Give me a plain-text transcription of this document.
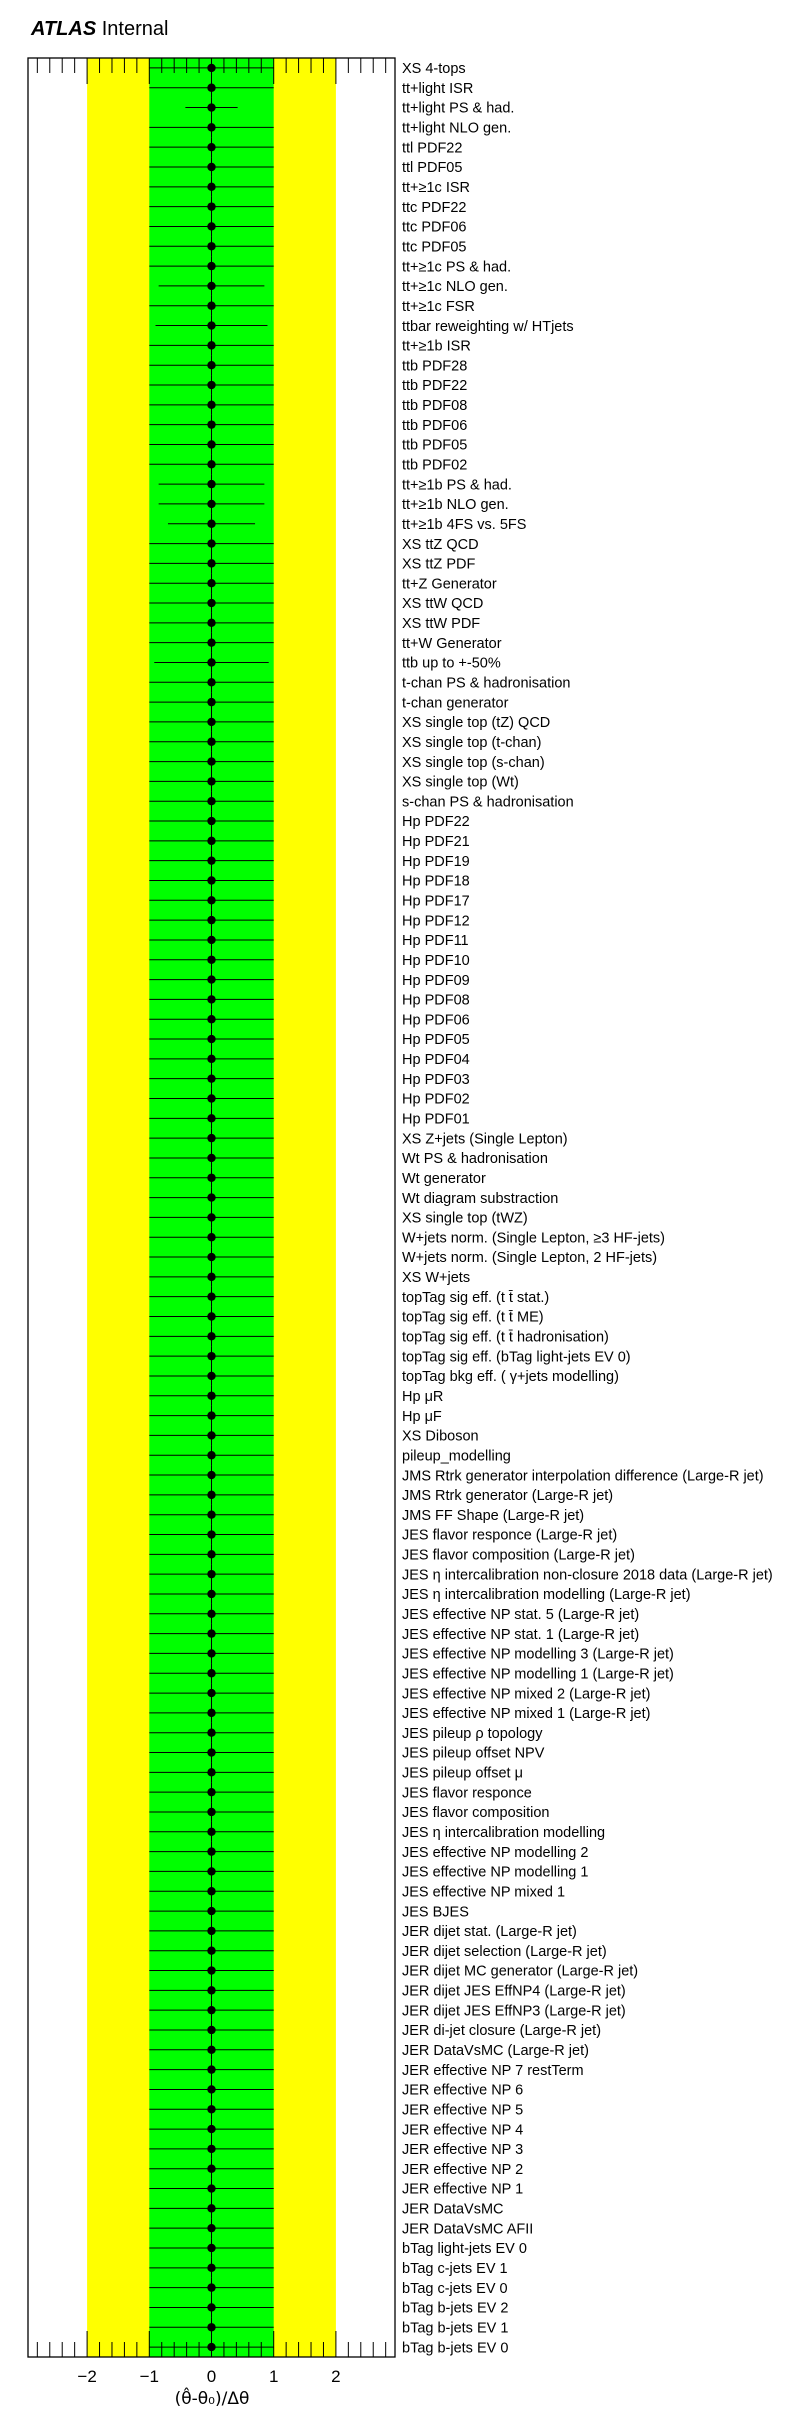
ATLAS Internal
XS 4-tops
tt+light ISR
tt+light PS & had.
tt+light NLO gen.
ttl PDF22
ttl PDF05
tt+≥1c ISR
ttc PDF22
ttc PDF06
ttc PDF05
tt+≥1c PS & had.
tt+≥1c NLO gen.
tt+≥1c FSR
ttbar reweighting w/ HTjets
tt+≥1b ISR
ttb PDF28
ttb PDF22
ttb PDF08
ttb PDF06
ttb PDF05
ttb PDF02
tt+≥1b PS & had.
tt+≥1b NLO gen.
tt+≥1b 4FS vs. 5FS
XS ttZ QCD
XS ttZ PDF
tt+Z Generator
XS ttW QCD
XS ttW PDF
tt+W Generator
ttb up to +-50%
t-chan PS & hadronisation
t-chan generator
XS single top (tZ) QCD
XS single top (t-chan)
XS single top (s-chan)
XS single top (Wt)
s-chan PS & hadronisation
Hp PDF22
Hp PDF21
Hp PDF19
Hp PDF18
Hp PDF17
Hp PDF12
Hp PDF11
Hp PDF10
Hp PDF09
Hp PDF08
Hp PDF06
Hp PDF05
Hp PDF04
Hp PDF03
Hp PDF02
Hp PDF01
XS Z+jets (Single Lepton)
Wt PS & hadronisation
Wt generator
Wt diagram substraction
XS single top (tWZ)
W+jets norm. (Single Lepton, ≥3 HF-jets)
W+jets norm. (Single Lepton, 2 HF-jets)
XS W+jets
topTag sig eff. (t t̄ stat.)
topTag sig eff. (t t̄ ME)
topTag sig eff. (t t̄ hadronisation)
topTag sig eff. (bTag light-jets EV 0)
topTag bkg eff. ( γ+jets modelling)
Hp μR
Hp μF
XS Diboson
pileup_modelling
JMS Rtrk generator interpolation difference (Large-R jet)
JMS Rtrk generator (Large-R jet)
JMS FF Shape (Large-R jet)
JES flavor responce (Large-R jet)
JES flavor composition (Large-R jet)
JES η intercalibration non-closure 2018 data (Large-R jet)
JES η intercalibration modelling (Large-R jet)
JES effective NP stat. 5 (Large-R jet)
JES effective NP stat. 1 (Large-R jet)
JES effective NP modelling 3 (Large-R jet)
JES effective NP modelling 1 (Large-R jet)
JES effective NP mixed 2 (Large-R jet)
JES effective NP mixed 1 (Large-R jet)
JES pileup ρ topology
JES pileup offset NPV
JES pileup offset μ
JES flavor responce
JES flavor composition
JES η intercalibration modelling
JES effective NP modelling 2
JES effective NP modelling 1
JES effective NP mixed 1
JES BJES
JER dijet stat. (Large-R jet)
JER dijet selection (Large-R jet)
JER dijet MC generator (Large-R jet)
JER dijet JES EffNP4 (Large-R jet)
JER dijet JES EffNP3 (Large-R jet)
JER di-jet closure (Large-R jet)
JER DataVsMC (Large-R jet)
JER effective NP 7 restTerm
JER effective NP 6
JER effective NP 5
JER effective NP 4
JER effective NP 3
JER effective NP 2
JER effective NP 1
JER DataVsMC
JER DataVsMC AFII
bTag light-jets EV 0
bTag c-jets EV 1
bTag c-jets EV 0
bTag b-jets EV 2
bTag b-jets EV 1
bTag b-jets EV 0
(θ̂-θ₀)/Δθ
−2	−1	0	1	2
